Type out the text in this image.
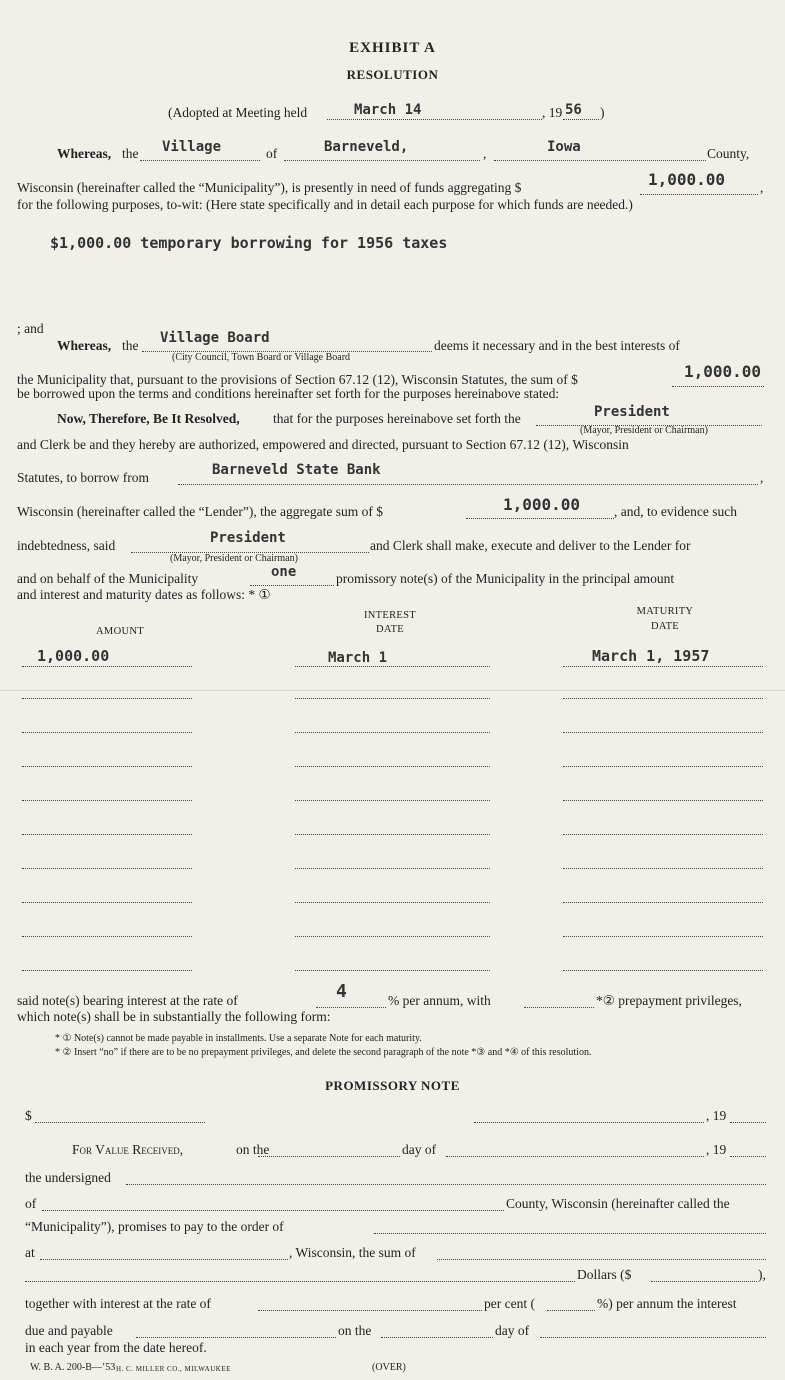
EXHIBIT A
RESOLUTION
(Adopted at Meeting held	March 14	, 19 56 )
Whereas, the Village	of	Barneveld,	,	Iowa	County,
Wisconsin (hereinafter called the “Municipality”), is presently in need of funds aggregating $	1,000.00	,
for the following purposes, to-wit: (Here state specifically and in detail each purpose for which funds are needed.)
$1,000.00 temporary borrowing for 1956 taxes
; and
Whereas, the Village Board
(City Council, Town Board or Village Board
deems it necessary and in the best interests of
the Municipality that, pursuant to the provisions of Section 67.12 (12), Wisconsin Statutes, the sum of $	1,000.00
be borrowed upon the terms and conditions hereinafter set forth for the purposes hereinabove stated:
Now, Therefore, Be It Resolved, that for the purposes hereinabove set forth the	President
(Mayor, President or Chairman)
and Clerk be and they hereby are authorized, empowered and directed, pursuant to Section 67.12 (12), Wisconsin
Statutes, to borrow from	Barneveld State Bank	,
Wisconsin (hereinafter called the “Lender”), the aggregate sum of $	1,000.00	, and, to evidence such
indebtedness, said	President	and Clerk shall make, execute and deliver to the Lender for
(Mayor, President or Chairman)
and on behalf of the Municipality	one	promissory note(s) of the Municipality in the principal amount
and interest and maturity dates as follows: * ①
AMOUNT
INTEREST
DATE
MATURITY
DATE
1,000.00	March 1	March 1, 1957
said note(s) bearing interest at the rate of	4	% per annum, with	*② prepayment privileges,
which note(s) shall be in substantially the following form:
* ① Note(s) cannot be made payable in installments. Use a separate Note for each maturity.
* ② Insert “no” if there are to be no prepayment privileges, and delete the second paragraph of the note *③ and *④ of this resolution.
PROMISSORY NOTE
$	, 19
For Value Received,	on the	day of	, 19
the undersigned
of	County, Wisconsin (hereinafter called the
“Municipality”), promises to pay to the order of
at	, Wisconsin, the sum of
Dollars ($	),
together with interest at the rate of	per cent (	%) per annum the interest
due and payable	on the	day of
in each year from the date hereof.
W. B. A. 200-B—’53 H. C. MILLER CO., MILWAUKEE	(OVER)
